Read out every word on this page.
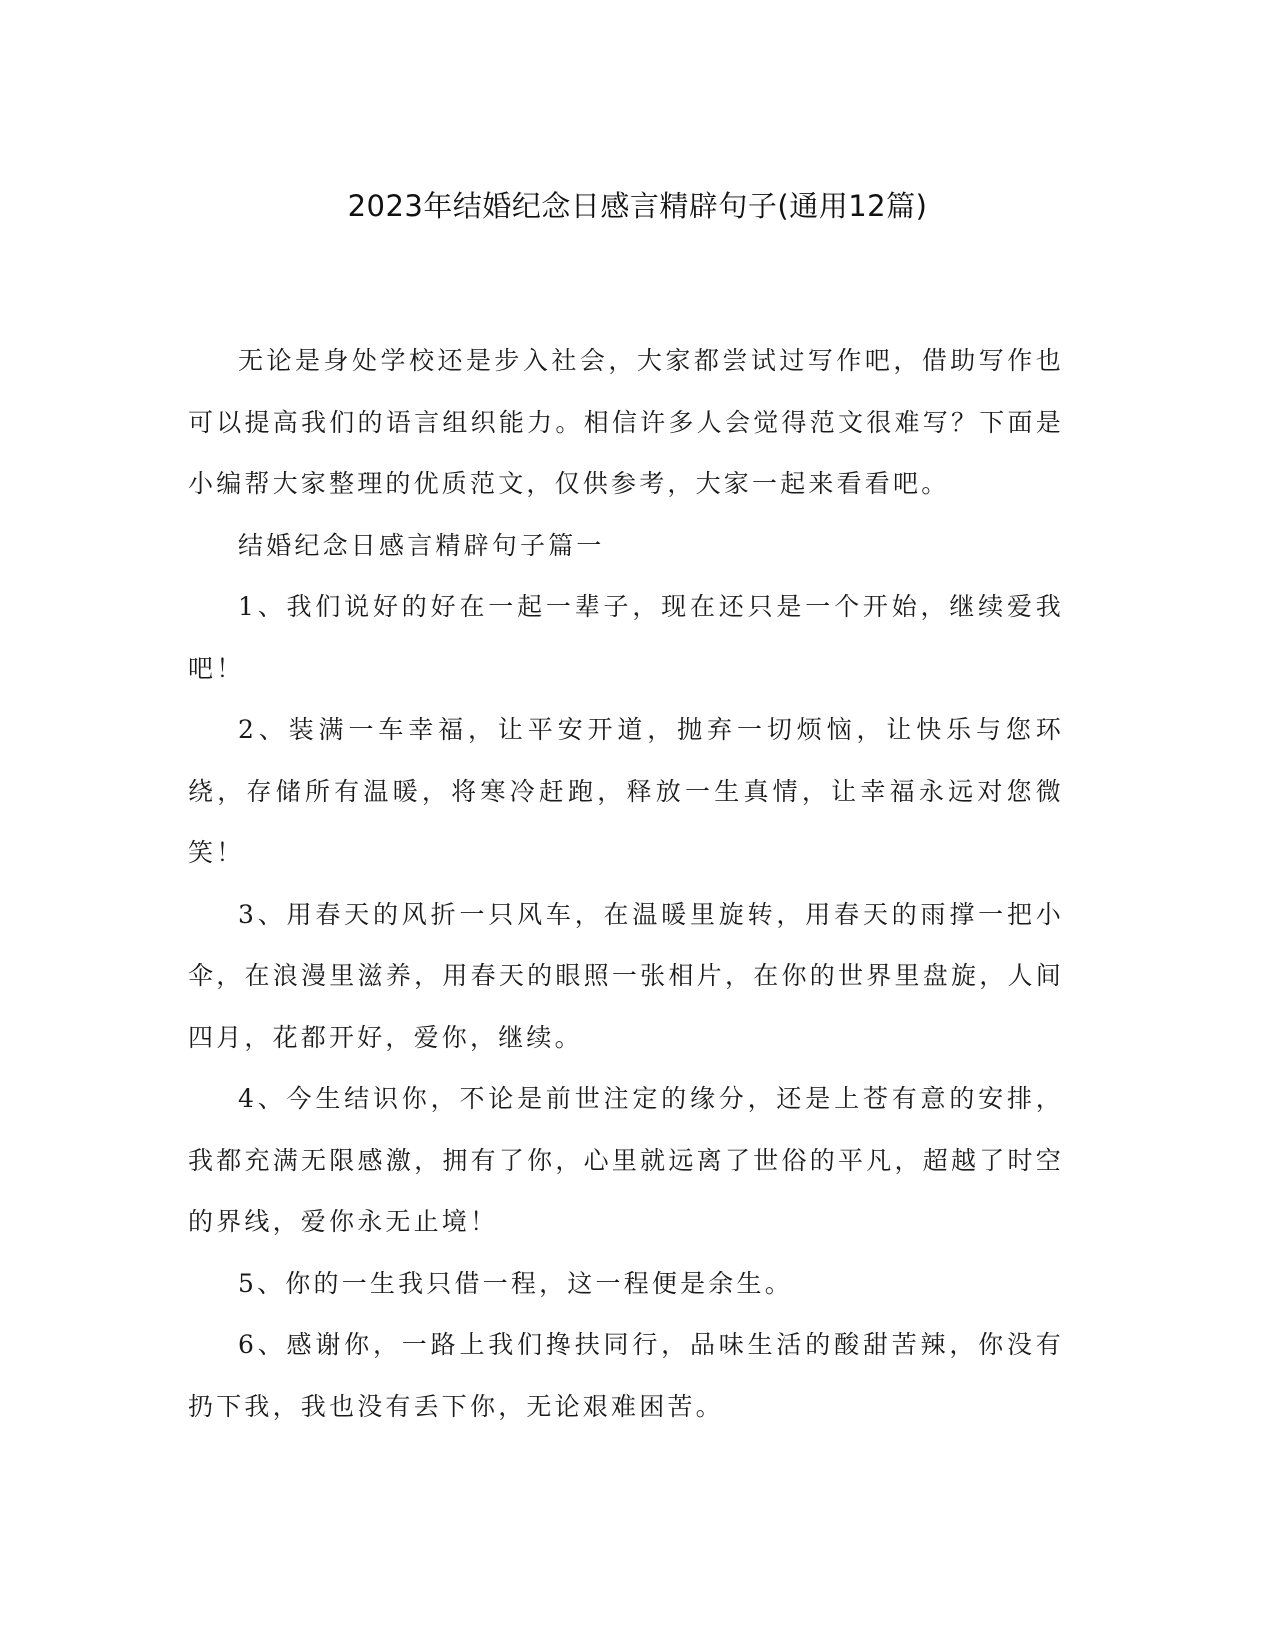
2023年结婚纪念日感言精辟句子(通用12篇)

无论是身处学校还是步入社会，大家都尝试过写作吧，借助写作也可以提高我们的语言组织能力。相信许多人会觉得范文很难写？下面是小编帮大家整理的优质范文，仅供参考，大家一起来看看吧。

结婚纪念日感言精辟句子篇一

1、我们说好的好在一起一辈子，现在还只是一个开始，继续爱我吧！

2、装满一车幸福，让平安开道，抛弃一切烦恼，让快乐与您环绕，存储所有温暖，将寒冷赶跑，释放一生真情，让幸福永远对您微笑！

3、用春天的风折一只风车，在温暖里旋转，用春天的雨撑一把小伞，在浪漫里滋养，用春天的眼照一张相片，在你的世界里盘旋，人间四月，花都开好，爱你，继续。

4、今生结识你，不论是前世注定的缘分，还是上苍有意的安排，我都充满无限感激，拥有了你，心里就远离了世俗的平凡，超越了时空的界线，爱你永无止境！

5、你的一生我只借一程，这一程便是余生。

6、感谢你，一路上我们搀扶同行，品味生活的酸甜苦辣，你没有扔下我，我也没有丢下你，无论艰难困苦。
